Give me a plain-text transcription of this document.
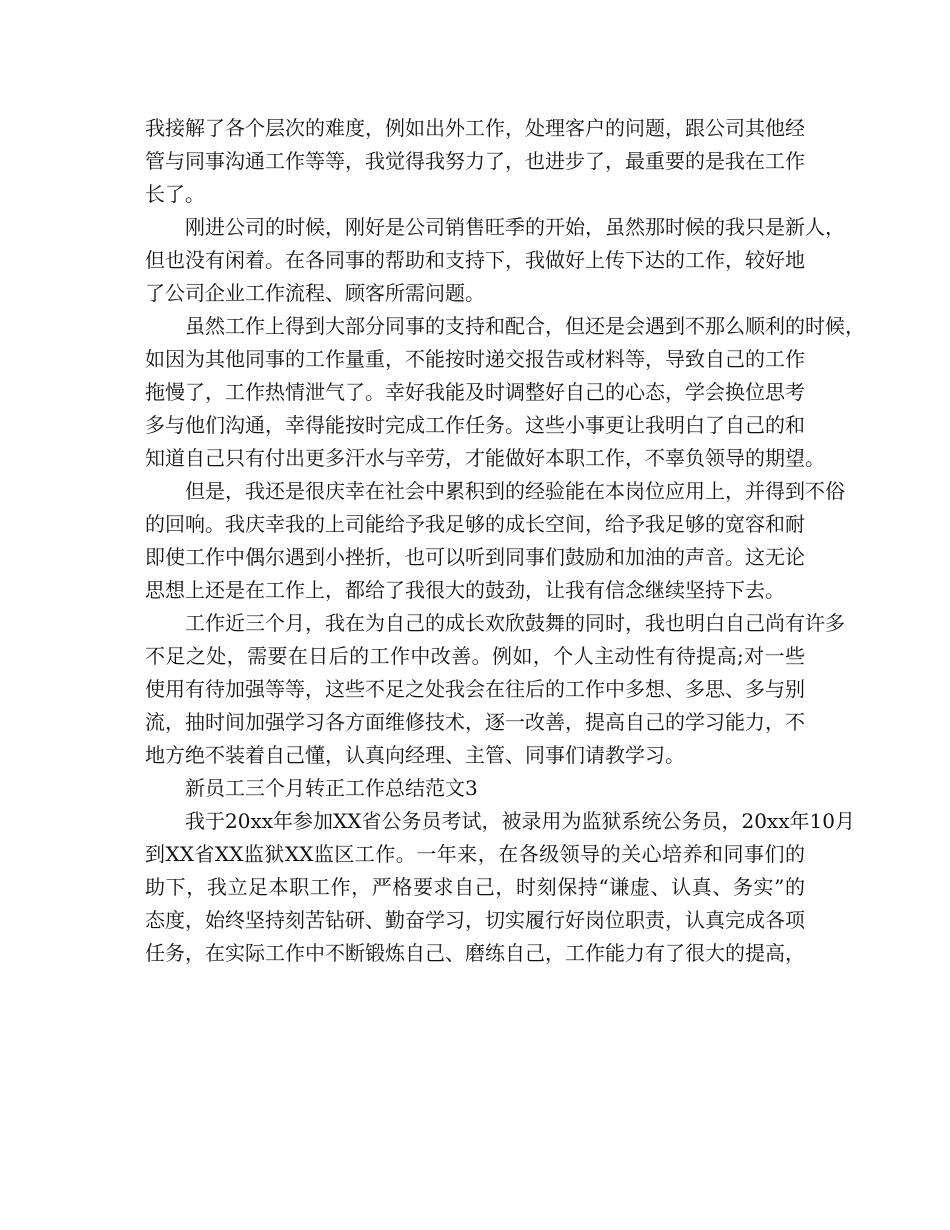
我接解了各个层次的难度，例如出外工作，处理客户的问题，跟公司其他经
管与同事沟通工作等等，我觉得我努力了，也进步了，最重要的是我在工作
长了。
刚进公司的时候，刚好是公司销售旺季的开始，虽然那时候的我只是新人，
但也没有闲着。在各同事的帮助和支持下，我做好上传下达的工作，较好地
了公司企业工作流程、顾客所需问题。
虽然工作上得到大部分同事的支持和配合，但还是会遇到不那么顺利的时候，
如因为其他同事的工作量重，不能按时递交报告或材料等，导致自己的工作
拖慢了，工作热情泄气了。幸好我能及时调整好自己的心态，学会换位思考
多与他们沟通，幸得能按时完成工作任务。这些小事更让我明白了自己的和
知道自己只有付出更多汗水与辛劳，才能做好本职工作，不辜负领导的期望。
但是，我还是很庆幸在社会中累积到的经验能在本岗位应用上，并得到不俗
的回响。我庆幸我的上司能给予我足够的成长空间，给予我足够的宽容和耐
即使工作中偶尔遇到小挫折，也可以听到同事们鼓励和加油的声音。这无论
思想上还是在工作上，都给了我很大的鼓劲，让我有信念继续坚持下去。
工作近三个月，我在为自己的成长欢欣鼓舞的同时，我也明白自己尚有许多
不足之处，需要在日后的工作中改善。例如，个人主动性有待提高;对一些
使用有待加强等等，这些不足之处我会在往后的工作中多想、多思、多与别
流，抽时间加强学习各方面维修技术，逐一改善，提高自己的学习能力，不
地方绝不装着自己懂，认真向经理、主管、同事们请教学习。
新员工三个月转正工作总结范文3
我于20xx年参加XX省公务员考试，被录用为监狱系统公务员，20xx年10月
到XX省XX监狱XX监区工作。一年来，在各级领导的关心培养和同事们的
助下，我立足本职工作，严格要求自己，时刻保持“谦虚、认真、务实”的
态度，始终坚持刻苦钻研、勤奋学习，切实履行好岗位职责，认真完成各项
任务，在实际工作中不断锻炼自己、磨练自己，工作能力有了很大的提高，
